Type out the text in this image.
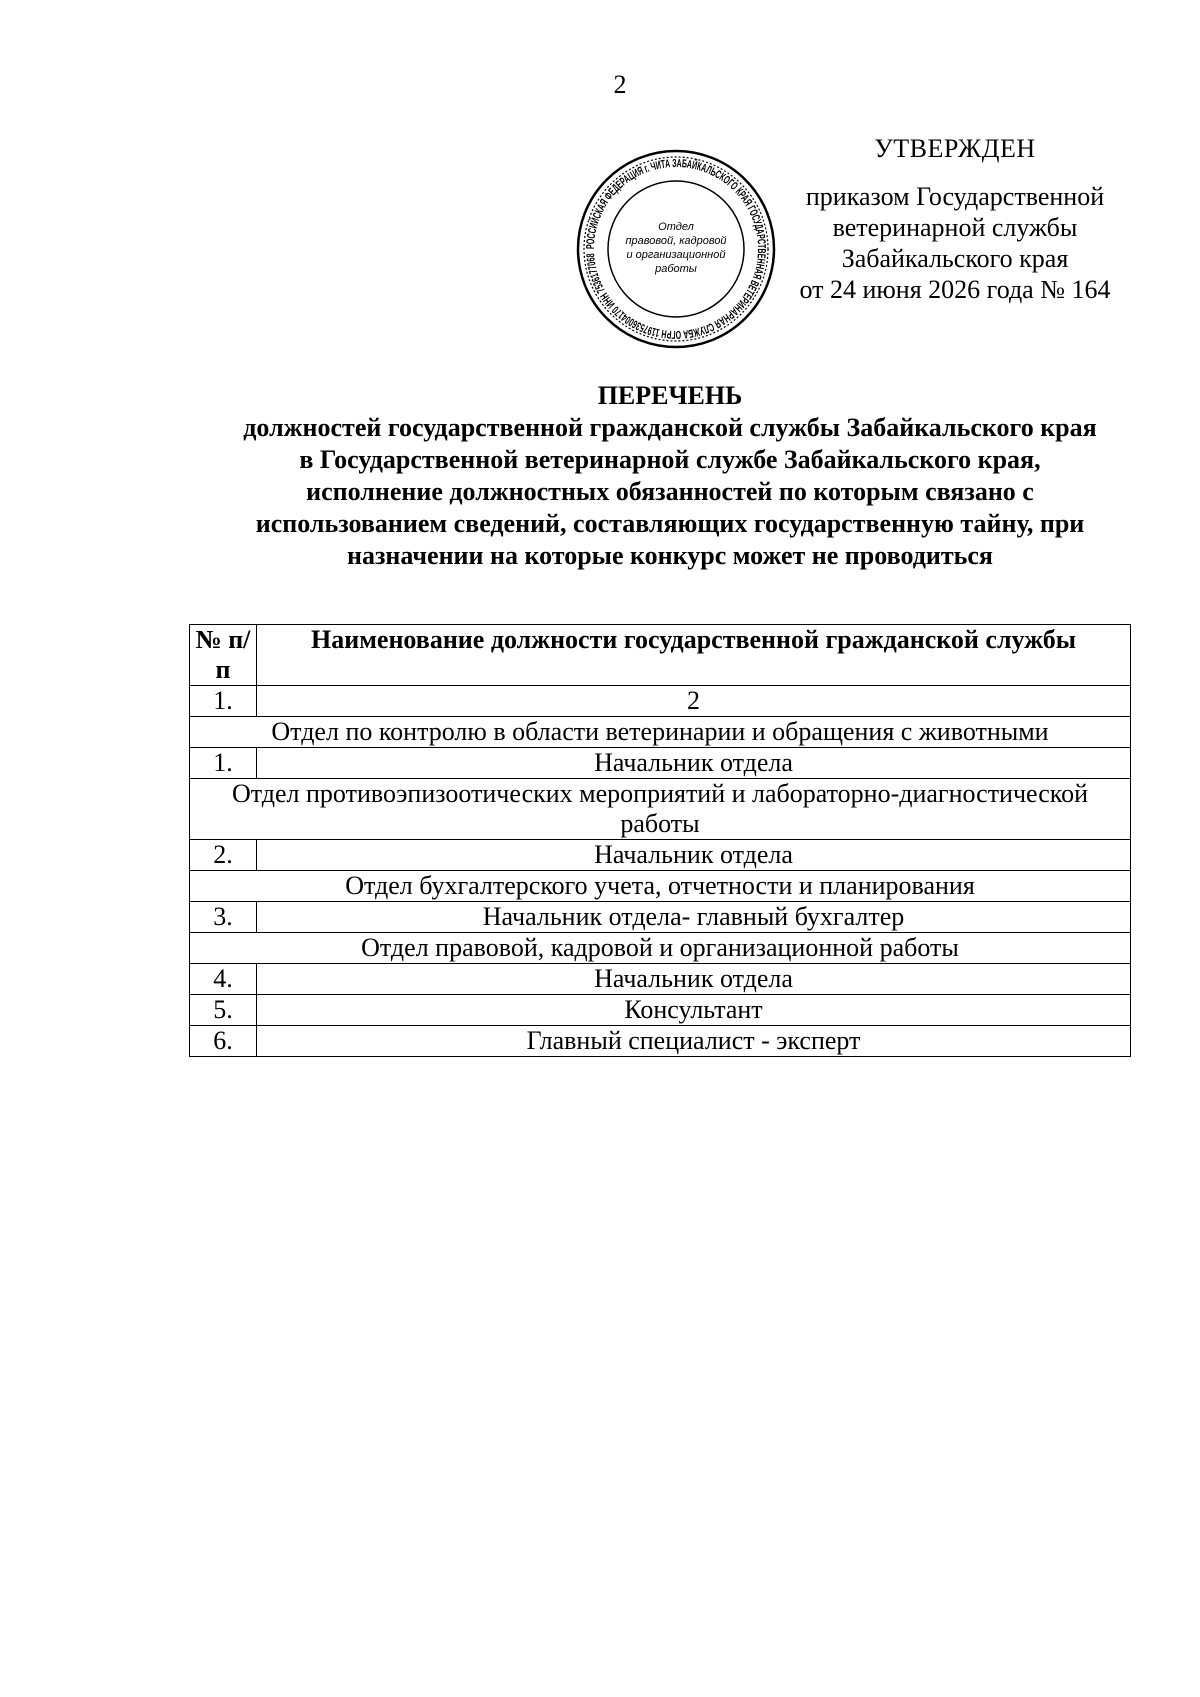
2
РОССИЙСКАЯ ФЕДЕРАЦИЯ г. ЧИТА ЗАБАЙКАЛЬСКОГО КРАЯ ГОСУДАРСТВЕННАЯ ВЕТЕРИНАРНАЯ СЛУЖБА ОГРН 1197536004170 ИНН 7536177068
Отдел
правовой, кадровой
и организационной
работы
УТВЕРЖДЕН
приказом Государственной
ветеринарной службы
Забайкальского края
от 24 июня 2026 года № 164
ПЕРЕЧЕНЬ
должностей государственной гражданской службы Забайкальского края
в Государственной ветеринарной службе Забайкальского края,
исполнение должностных обязанностей по которым связано с
использованием сведений, составляющих государственную тайну, при
назначении на которые конкурс может не проводиться
№ п/п	Наименование должности государственной гражданской службы
1.	2
Отдел по контролю в области ветеринарии и обращения с животными	
1.	Начальник отдела
Отдел противоэпизоотических мероприятий и лабораторно-диагностической работы	
2.	Начальник отдела
Отдел бухгалтерского учета, отчетности и планирования	
3.	Начальник отдела- главный бухгалтер
Отдел правовой, кадровой и организационной работы	
4.	Начальник отдела
5.	Консультант
6.	Главный специалист - эксперт
